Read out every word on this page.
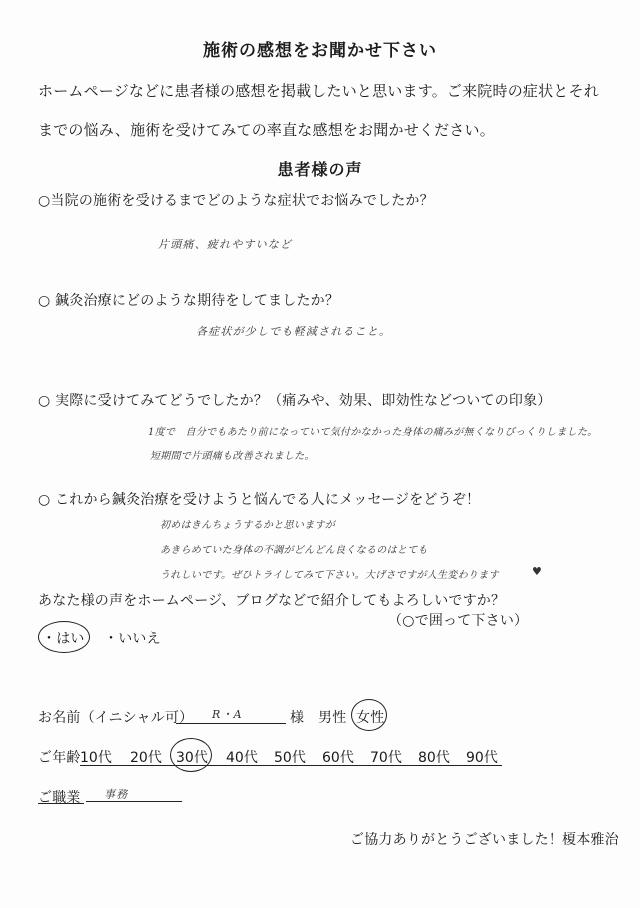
施術の感想をお聞かせ下さい
ホームページなどに患者様の感想を掲載したいと思います。ご来院時の症状とそれ
までの悩み、施術を受けてみての率直な感想をお聞かせください。
患者様の声
○当院の施術を受けるまでどのような症状でお悩みでしたか？
片頭痛、疲れやすいなど
○ 鍼灸治療にどのような期待をしてましたか？
各症状が少しでも軽減されること。
○ 実際に受けてみてどうでしたか？（痛みや、効果、即効性などついての印象）
1度で　自分でもあたり前になっていて気付かなかった身体の痛みが無くなりびっくりしました。
短期間で片頭痛も改善されました。
○ これから鍼灸治療を受けようと悩んでる人にメッセージをどうぞ！
初めはきんちょうするかと思いますが
あきらめていた身体の不調がどんどん良くなるのはとても
うれしいです。ぜひトライしてみて下さい。大げさですが人生変わります	♥
あなた様の声をホームページ、ブログなどで紹介してもよろしいですか？
（○で囲って下さい）
・はい ・いいえ
お名前（イニシャル可） R・A	様 男性 女性
ご年齢 10代 20代 30代 40代 50代 60代 70代 80代 90代
ご職業 事務
ご協力ありがとうございました！ 榎本雅治
